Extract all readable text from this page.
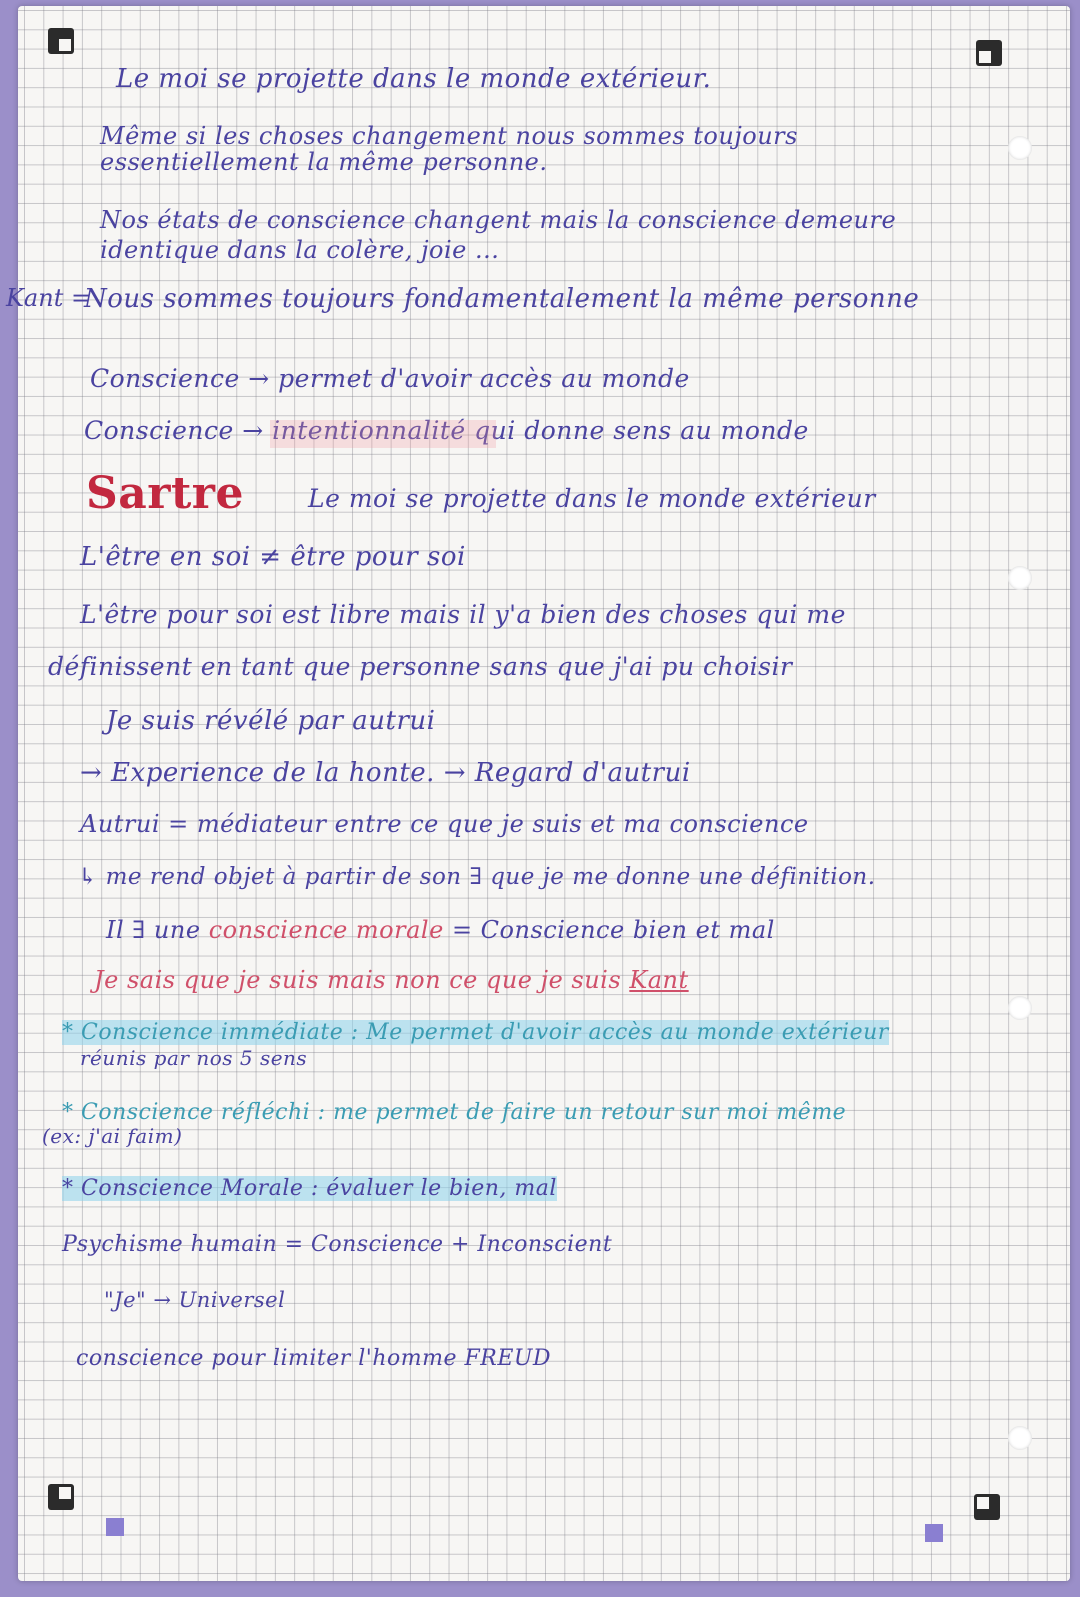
Le moi se projette dans le monde extérieur.
Même si les choses changement nous sommes toujours
essentiellement la même personne.
Nos états de conscience changent mais la conscience demeure
identique dans la colère, joie ...
Kant =
Nous sommes toujours fondamentalement la même personne
Conscience → permet d'avoir accès au monde
Conscience → intentionnalité qui donne sens au monde
Sartre	Le moi se projette dans le monde extérieur
L'être en soi ≠ être pour soi
L'être pour soi est libre mais il y'a bien des choses qui me
définissent en tant que personne sans que j'ai pu choisir
Je suis révélé par autrui
→ Experience de la honte. → Regard d'autrui
Autrui = médiateur entre ce que je suis et ma conscience
↳ me rend objet à partir de son ∃ que je me donne une définition.
Il ∃ une conscience morale = Conscience bien et mal
Je sais que je suis mais non ce que je suis Kant
* Conscience immédiate : Me permet d'avoir accès au monde extérieur
réunis par nos 5 sens
* Conscience réfléchi : me permet de faire un retour sur moi même
(ex: j'ai faim)
* Conscience Morale : évaluer le bien, mal
Psychisme humain = Conscience + Inconscient
"Je" → Universel
conscience pour limiter l'homme FREUD
